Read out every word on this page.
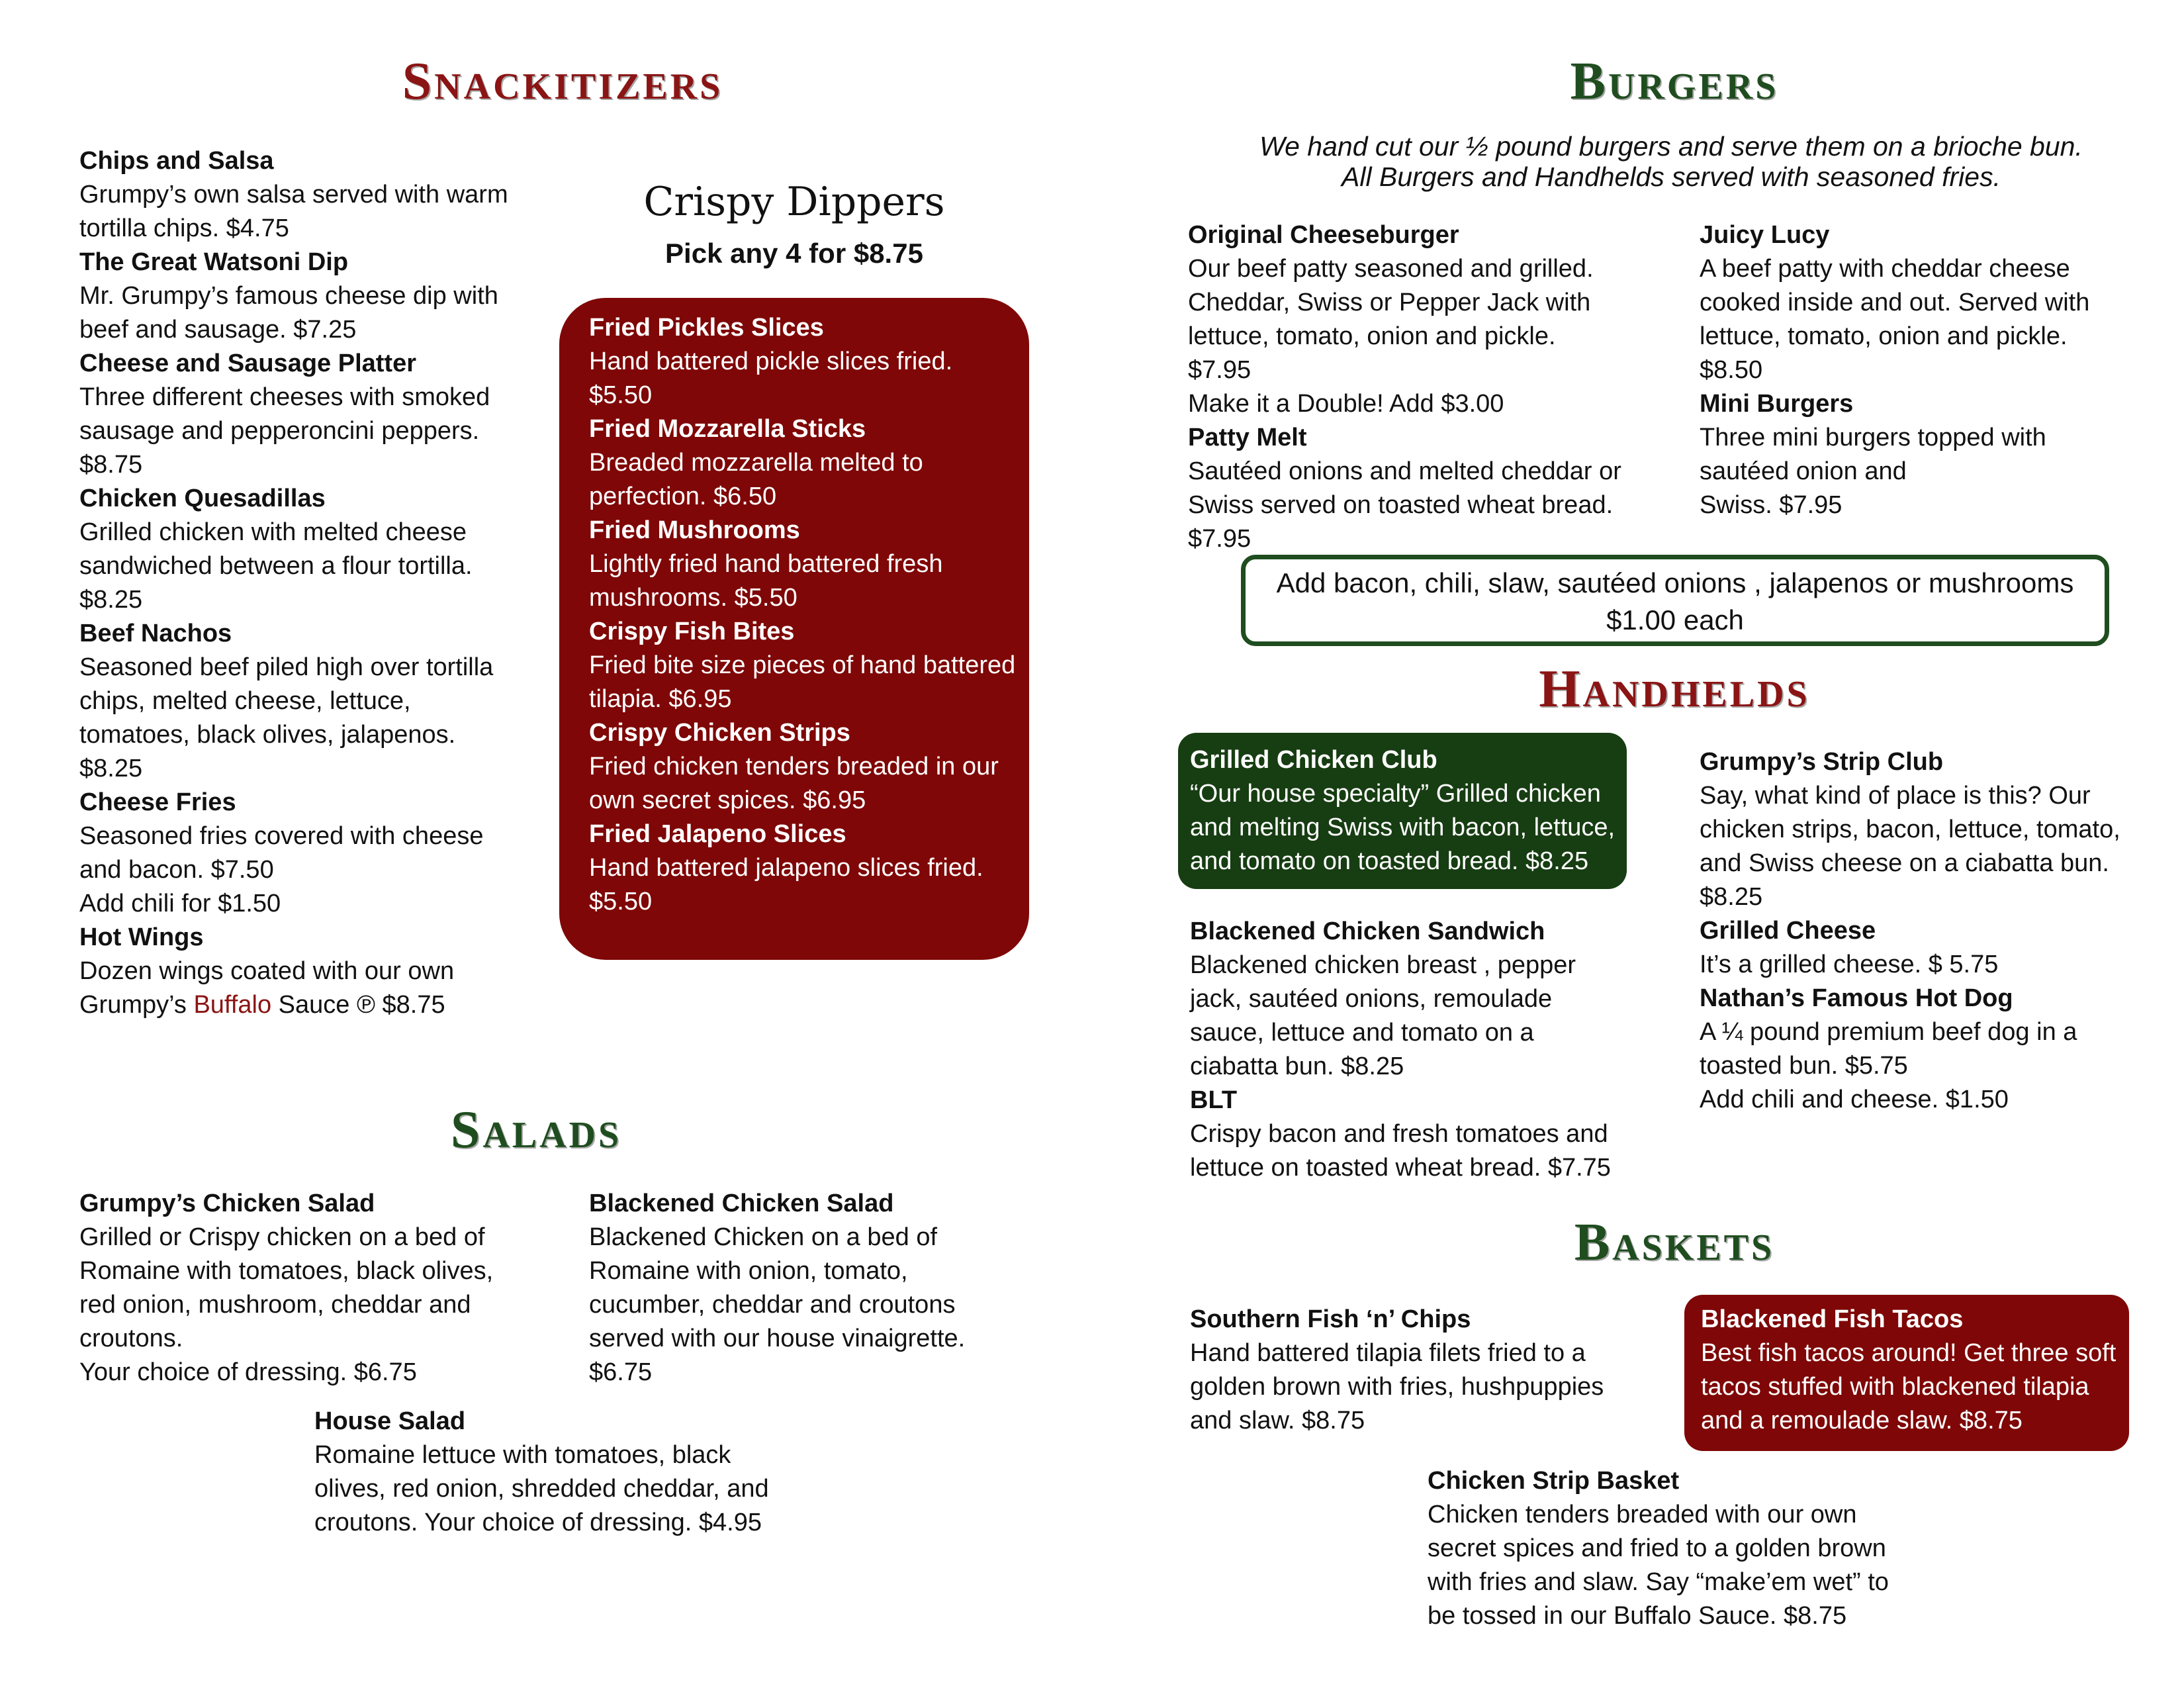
Snackitizers
Chips and Salsa
Grumpy’s own salsa served with warm
tortilla chips. $4.75
The Great Watsoni Dip
Mr. Grumpy’s famous cheese dip with
beef and sausage. $7.25
Cheese and Sausage Platter
Three different cheeses with smoked
sausage and pepperoncini peppers.
$8.75
Chicken Quesadillas
Grilled chicken with melted cheese
sandwiched between a flour tortilla.
$8.25
Beef Nachos
Seasoned beef piled high over tortilla
chips, melted cheese, lettuce,
tomatoes, black olives, jalapenos.
$8.25
Cheese Fries
Seasoned fries covered with cheese
and bacon. $7.50
Add chili for $1.50
Hot Wings
Dozen wings coated with our own
Grumpy’s Buffalo Sauce ℗ $8.75
Crispy Dippers
Pick any 4 for $8.75
Fried Pickles Slices
Hand battered pickle slices fried.
$5.50
Fried Mozzarella Sticks
Breaded mozzarella melted to
perfection. $6.50
Fried Mushrooms
Lightly fried hand battered fresh
mushrooms. $5.50
Crispy Fish Bites
Fried bite size pieces of hand battered
tilapia. $6.95
Crispy Chicken Strips
Fried chicken tenders breaded in our
own secret spices. $6.95
Fried Jalapeno Slices
Hand battered jalapeno slices fried.
$5.50
Salads
Grumpy’s Chicken Salad
Grilled or Crispy chicken on a bed of
Romaine with tomatoes, black olives,
red onion, mushroom, cheddar and
croutons.
Your choice of dressing. $6.75
Blackened Chicken Salad
Blackened Chicken on a bed of
Romaine with onion, tomato,
cucumber, cheddar and croutons
served with our house vinaigrette.
$6.75
House Salad
Romaine lettuce with tomatoes, black
olives, red onion, shredded cheddar, and
croutons. Your choice of dressing. $4.95
Burgers
We hand cut our ½ pound burgers and serve them on a brioche bun.
All Burgers and Handhelds served with seasoned fries.
Original Cheeseburger
Our beef patty seasoned and grilled.
Cheddar, Swiss or Pepper Jack with
lettuce, tomato, onion and pickle.
$7.95
Make it a Double! Add $3.00
Patty Melt
Sautéed onions and melted cheddar or
Swiss served on toasted wheat bread.
$7.95
Juicy Lucy
A beef patty with cheddar cheese
cooked inside and out. Served with
lettuce, tomato, onion and pickle.
$8.50
Mini Burgers
Three mini burgers topped with
sautéed onion and
Swiss. $7.95
Add bacon, chili, slaw, sautéed onions , jalapenos or mushrooms
$1.00 each
Handhelds
Grilled Chicken Club
“Our house specialty” Grilled chicken
and melting Swiss with bacon, lettuce,
and tomato on toasted bread. $8.25
Blackened Chicken Sandwich
Blackened chicken breast , pepper
jack, sautéed onions, remoulade
sauce, lettuce and tomato on a
ciabatta bun. $8.25
BLT
Crispy bacon and fresh tomatoes and
lettuce on toasted wheat bread. $7.75
Grumpy’s Strip Club
Say, what kind of place is this? Our
chicken strips, bacon, lettuce, tomato,
and Swiss cheese on a ciabatta bun.
$8.25
Grilled Cheese
It’s a grilled cheese. $ 5.75
Nathan’s Famous Hot Dog
A ¼ pound premium beef dog in a
toasted bun. $5.75
Add chili and cheese. $1.50
Baskets
Southern Fish ‘n’ Chips
Hand battered tilapia filets fried to a
golden brown with fries, hushpuppies
and slaw. $8.75
Blackened Fish Tacos
Best fish tacos around! Get three soft
tacos stuffed with blackened tilapia
and a remoulade slaw. $8.75
Chicken Strip Basket
Chicken tenders breaded with our own
secret spices and fried to a golden brown
with fries and slaw. Say “make’em wet” to
be tossed in our Buffalo Sauce. $8.75
